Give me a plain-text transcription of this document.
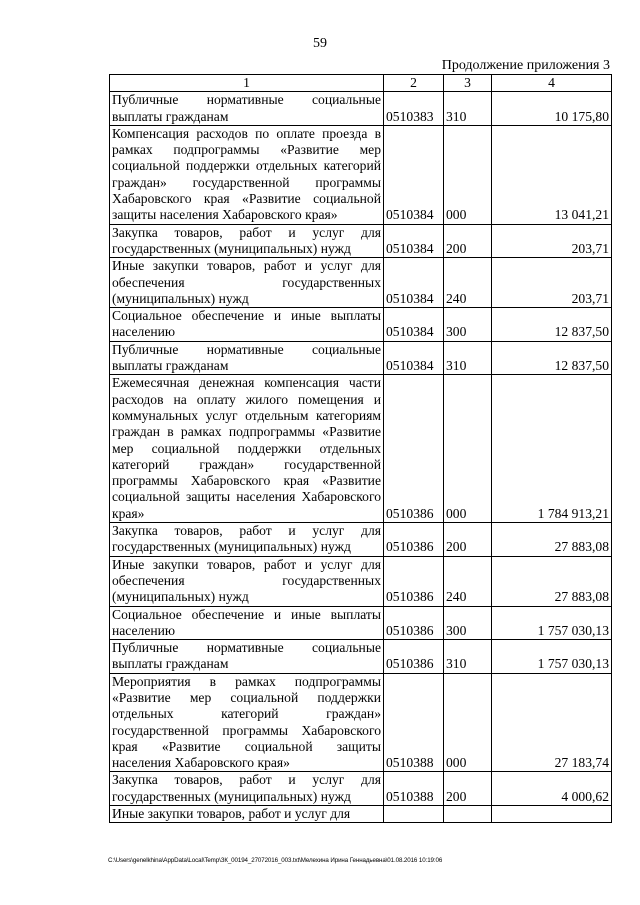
59
Продолжение приложения 3
1	2	3	4
Публичные нормативные социальные выплаты гражданам	0510383	310	10 175,80
Компенсация расходов по оплате проезда в рамках подпрограммы «Развитие мер социальной поддержки отдельных категорий граждан» государственной программы Хабаровского края «Развитие социальной защиты населения Хабаровского края»	0510384	000	13 041,21
Закупка товаров, работ и услуг для государственных (муниципальных) нужд	0510384	200	203,71
Иные закупки товаров, работ и услуг для обеспечения государственных (муниципальных) нужд	0510384	240	203,71
Социальное обеспечение и иные выплаты населению	0510384	300	12 837,50
Публичные нормативные социальные выплаты гражданам	0510384	310	12 837,50
Ежемесячная денежная компенсация части расходов на оплату жилого помещения и коммунальных услуг отдельным категориям граждан в рамках подпрограммы «Развитие мер социальной поддержки отдельных категорий граждан» государственной программы Хабаровского края «Развитие социальной защиты населения Хабаровского края»	0510386	000	1 784 913,21
Закупка товаров, работ и услуг для государственных (муниципальных) нужд	0510386	200	27 883,08
Иные закупки товаров, работ и услуг для обеспечения государственных (муниципальных) нужд	0510386	240	27 883,08
Социальное обеспечение и иные выплаты населению	0510386	300	1 757 030,13
Публичные нормативные социальные выплаты гражданам	0510386	310	1 757 030,13
Мероприятия в рамках подпрограммы «Развитие мер социальной поддержки отдельных категорий граждан» государственной программы Хабаровского края «Развитие социальной защиты населения Хабаровского края»	0510388	000	27 183,74
Закупка товаров, работ и услуг для государственных (муниципальных) нужд	0510388	200	4 000,62
Иные закупки товаров, работ и услуг для			
C:\Users\genelkhina\AppData\Local\Temp\ЗК_00194_27072016_003.txt\Мелехина Ирина Геннадьевна\01.08.2016 10:19:06
